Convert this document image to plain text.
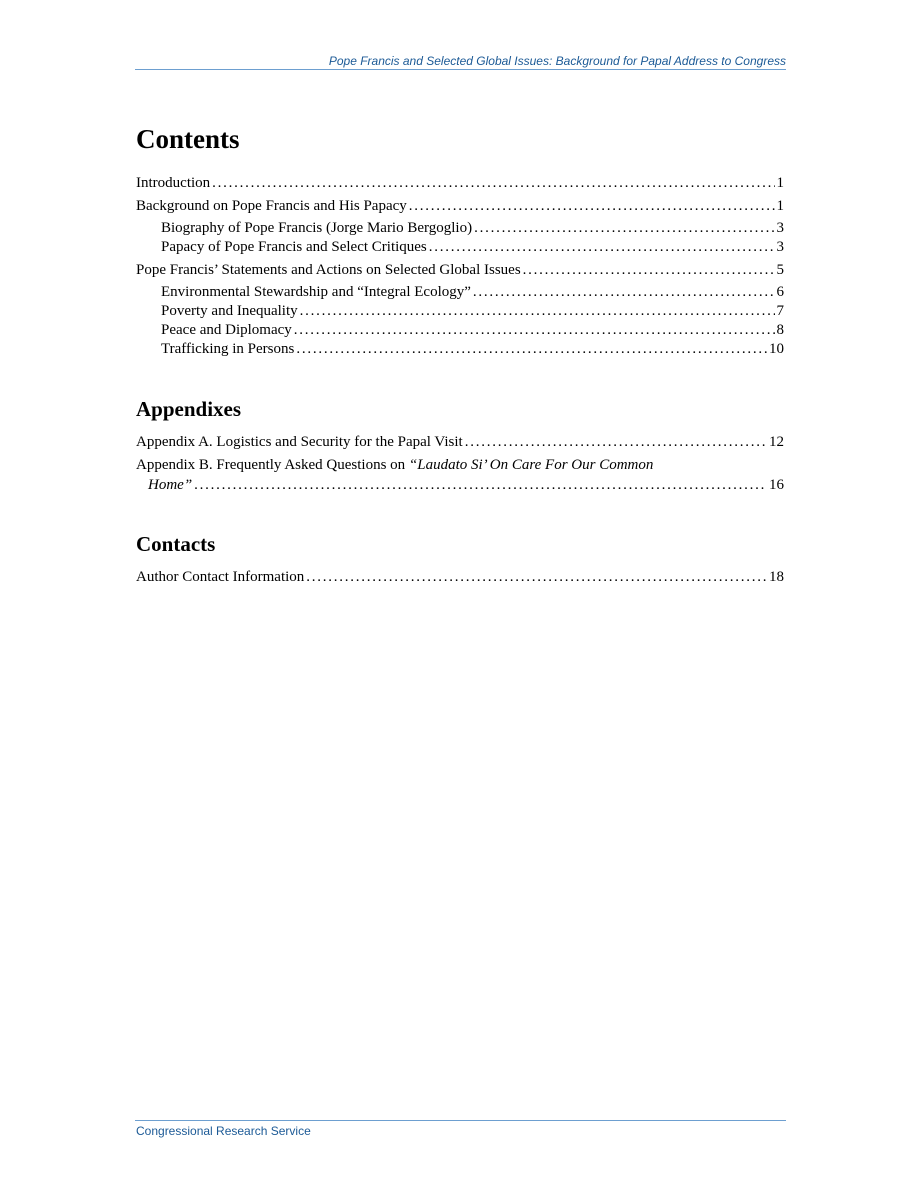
Pope Francis and Selected Global Issues: Background for Papal Address to Congress
Contents
Introduction . . .	1
Background on Pope Francis and His Papacy . . .	1
Biography of Pope Francis (Jorge Mario Bergoglio) . . .	3
Papacy of Pope Francis and Select Critiques . . .	3
Pope Francis’ Statements and Actions on Selected Global Issues . . .	5
Environmental Stewardship and “Integral Ecology” . . .	6
Poverty and Inequality . . .	7
Peace and Diplomacy . . .	8
Trafficking in Persons . . .	10
Appendixes
Appendix A. Logistics and Security for the Papal Visit . . .	12
Appendix B. Frequently Asked Questions on “Laudato Si’ On Care For Our Common
Home” . . .	16
Contacts
Author Contact Information . . .	18
Congressional Research Service
